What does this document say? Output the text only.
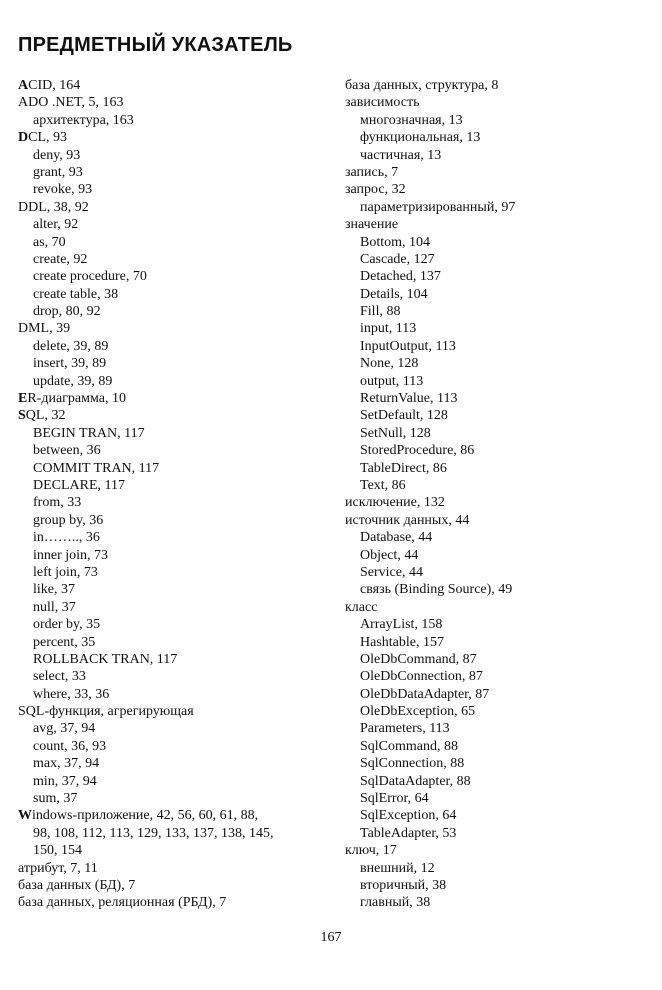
ПРЕДМЕТНЫЙ УКАЗАТЕЛЬ
ACID, 164
ADO .NET, 5, 163
архитектура, 163
DCL, 93
deny, 93
grant, 93
revoke, 93
DDL, 38, 92
alter, 92
as, 70
create, 92
create procedure, 70
create table, 38
drop, 80, 92
DML, 39
delete, 39, 89
insert, 39, 89
update, 39, 89
ER-диаграмма, 10
SQL, 32
BEGIN TRAN, 117
between, 36
COMMIT TRAN, 117
DECLARE, 117
from, 33
group by, 36
in…….., 36
inner join, 73
left join, 73
like, 37
null, 37
order by, 35
percent, 35
ROLLBACK TRAN, 117
select, 33
where, 33, 36
SQL-функция, агрегирующая
avg, 37, 94
count, 36, 93
max, 37, 94
min, 37, 94
sum, 37
Windows-приложение, 42, 56, 60, 61, 88,
98, 108, 112, 113, 129, 133, 137, 138, 145,
150, 154
атрибут, 7, 11
база данных (БД), 7
база данных, реляционная (РБД), 7
база данных, структура, 8
зависимость
многозначная, 13
функциональная, 13
частичная, 13
запись, 7
запрос, 32
параметризированный, 97
значение
Bottom, 104
Cascade, 127
Detached, 137
Details, 104
Fill, 88
input, 113
InputOutput, 113
None, 128
output, 113
ReturnValue, 113
SetDefault, 128
SetNull, 128
StoredProcedure, 86
TableDirect, 86
Text, 86
исключение, 132
источник данных, 44
Database, 44
Object, 44
Service, 44
связь (Binding Source), 49
класс
ArrayList, 158
Hashtable, 157
OleDbCommand, 87
OleDbConnection, 87
OleDbDataAdapter, 87
OleDbException, 65
Parameters, 113
SqlCommand, 88
SqlConnection, 88
SqlDataAdapter, 88
SqlError, 64
SqlException, 64
TableAdapter, 53
ключ, 17
внешний, 12
вторичный, 38
главный, 38
167
